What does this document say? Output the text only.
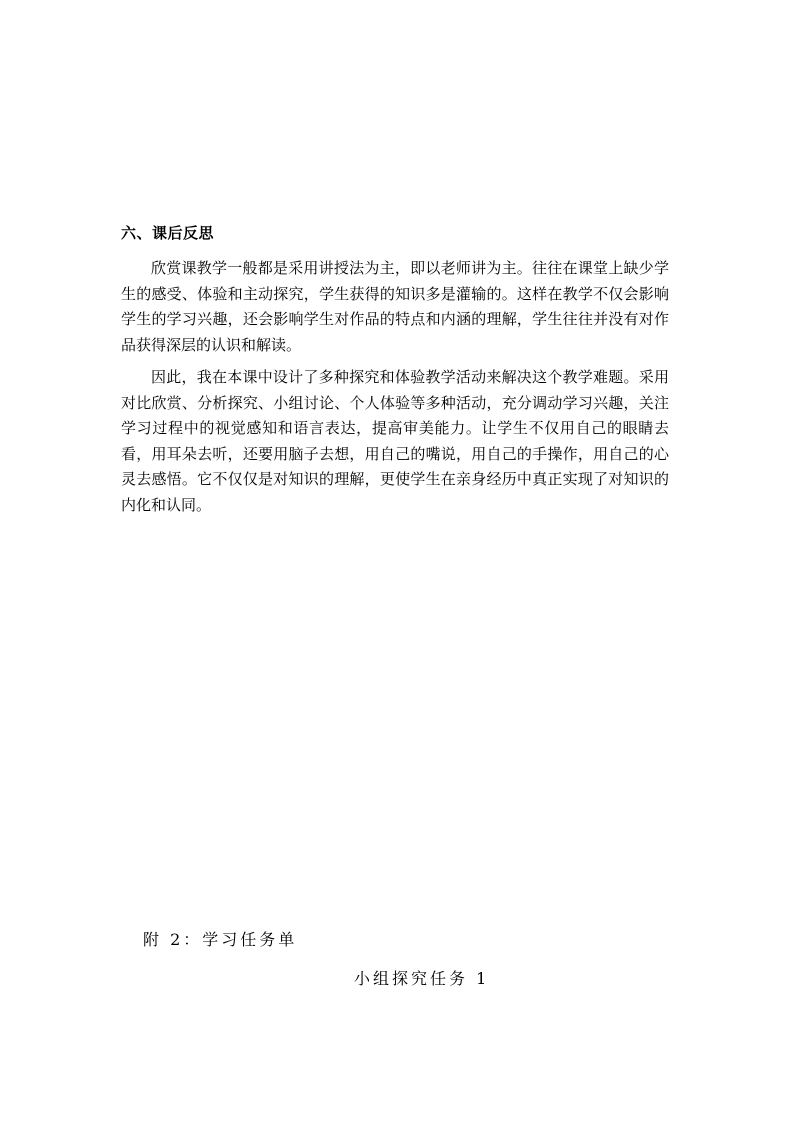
六、课后反思

欣赏课教学一般都是采用讲授法为主，即以老师讲为主。往往在课堂上缺少学生的感受、体验和主动探究，学生获得的知识多是灌输的。这样在教学不仅会影响学生的学习兴趣，还会影响学生对作品的特点和内涵的理解，学生往往并没有对作品获得深层的认识和解读。

因此，我在本课中设计了多种探究和体验教学活动来解决这个教学难题。采用对比欣赏、分析探究、小组讨论、个人体验等多种活动，充分调动学习兴趣，关注学习过程中的视觉感知和语言表达，提高审美能力。让学生不仅用自己的眼睛去看，用耳朵去听，还要用脑子去想，用自己的嘴说，用自己的手操作，用自己的心灵去感悟。它不仅仅是对知识的理解，更使学生在亲身经历中真正实现了对知识的内化和认同。

附 2：学习任务单
小组探究任务 1
